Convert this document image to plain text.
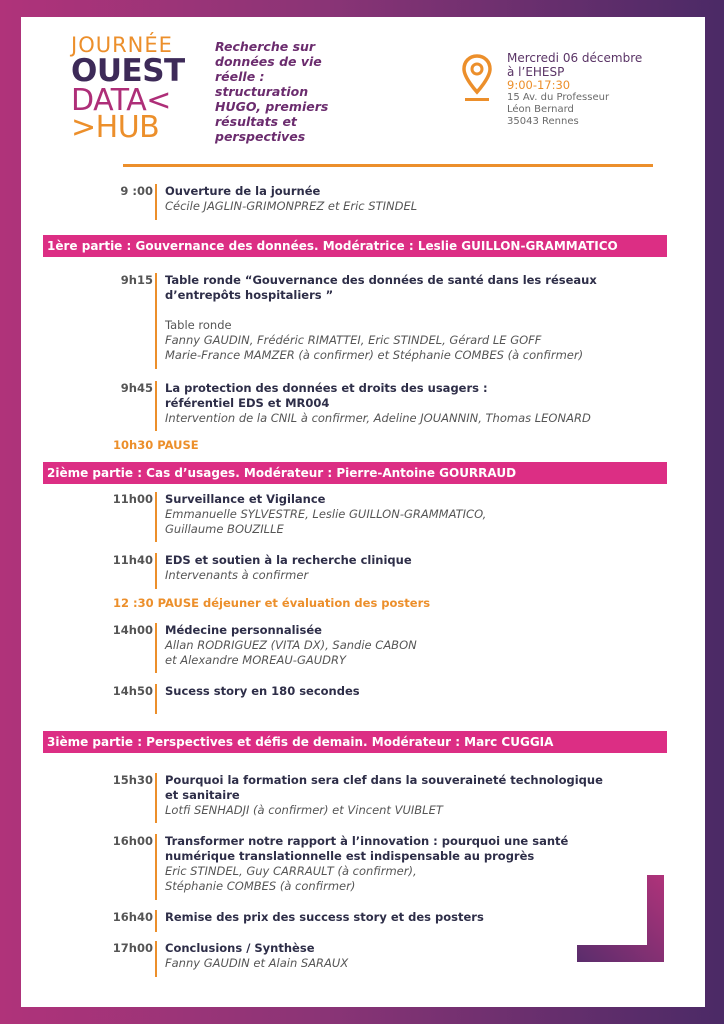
JOURNÉE
OUEST
DATA<
>HUB
Recherche sur
données de vie
réelle :
structuration
HUGO, premiers
résultats et
perspectives
Mercredi 06 décembre
à l’EHESP
9:00-17:30
15 Av. du Professeur
Léon Bernard
35043 Rennes
9 :00 Ouverture de la journée
Cécile JAGLIN-GRIMONPREZ et Eric STINDEL
1ère partie : Gouvernance des données. Modératrice : Leslie GUILLON-GRAMMATICO
9h15 Table ronde “Gouvernance des données de santé dans les réseaux
d’entrepôts hospitaliers ”
Table ronde
Fanny GAUDIN, Frédéric RIMATTEI, Eric STINDEL, Gérard LE GOFF
Marie-France MAMZER (à confirmer) et Stéphanie COMBES (à confirmer)
9h45 La protection des données et droits des usagers :
référentiel EDS et MR004
Intervention de la CNIL à confirmer, Adeline JOUANNIN, Thomas LEONARD
10h30 PAUSE
2ième partie : Cas d’usages. Modérateur : Pierre-Antoine GOURRAUD
11h00 Surveillance et Vigilance
Emmanuelle SYLVESTRE, Leslie GUILLON-GRAMMATICO,
Guillaume BOUZILLE
11h40 EDS et soutien à la recherche clinique
Intervenants à confirmer
12 :30 PAUSE déjeuner et évaluation des posters
14h00 Médecine personnalisée
Allan RODRIGUEZ (VITA DX), Sandie CABON
et Alexandre MOREAU-GAUDRY
14h50 Sucess story en 180 secondes
3ième partie : Perspectives et défis de demain. Modérateur : Marc CUGGIA
15h30 Pourquoi la formation sera clef dans la souveraineté technologique
et sanitaire
Lotfi SENHADJI (à confirmer) et Vincent VUIBLET
16h00 Transformer notre rapport à l’innovation : pourquoi une santé
numérique translationnelle est indispensable au progrès
Eric STINDEL, Guy CARRAULT (à confirmer),
Stéphanie COMBES (à confirmer)
16h40 Remise des prix des success story et des posters
17h00 Conclusions / Synthèse
Fanny GAUDIN et Alain SARAUX
